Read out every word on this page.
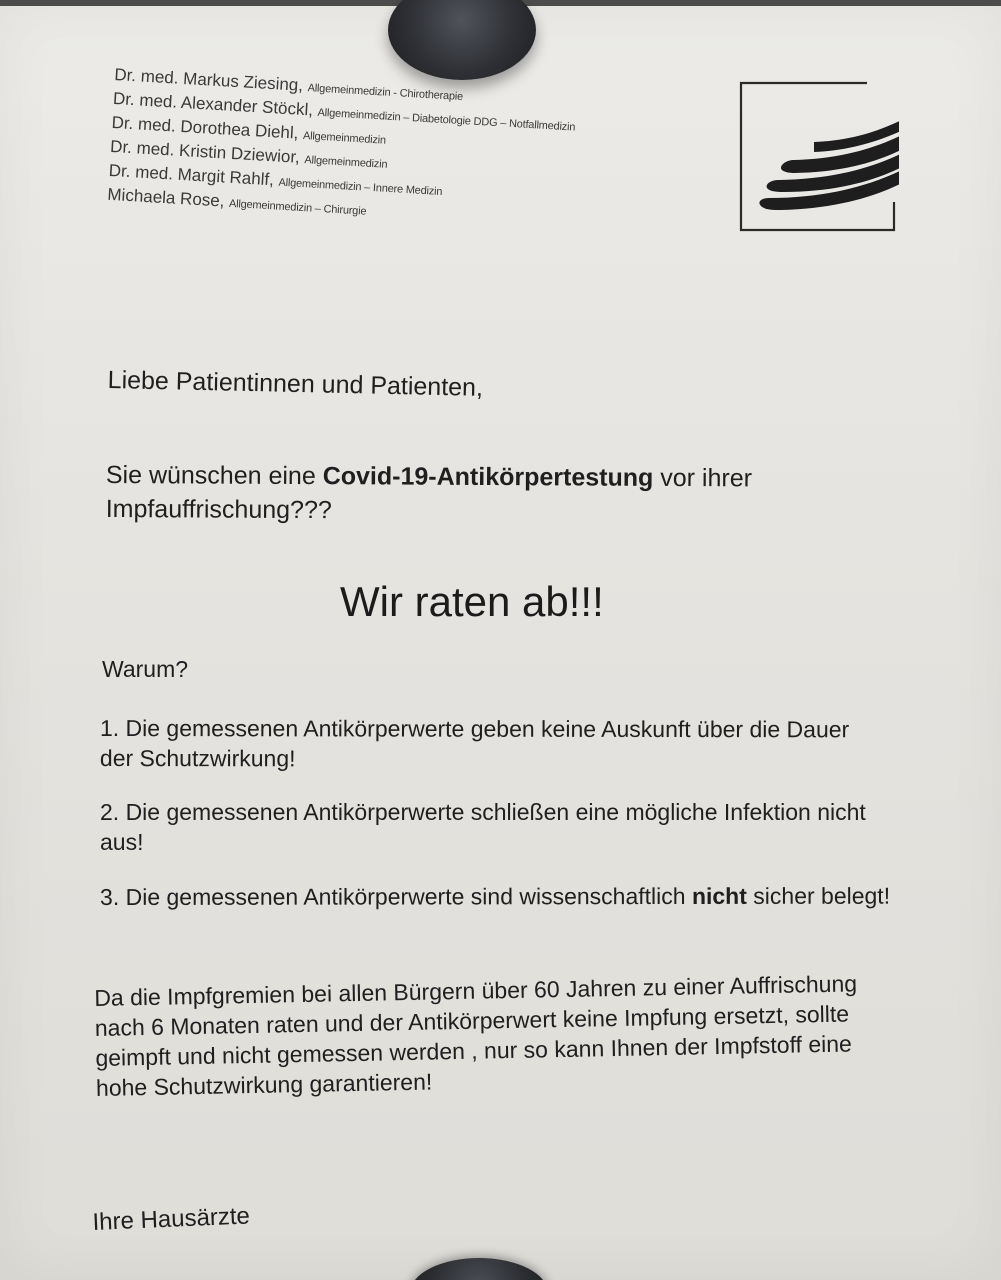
Dr. med. Markus Ziesing, Allgemeinmedizin - Chirotherapie
Dr. med. Alexander Stöckl, Allgemeinmedizin – Diabetologie DDG – Notfallmedizin
Dr. med. Dorothea Diehl, Allgemeinmedizin
Dr. med. Kristin Dziewior, Allgemeinmedizin
Dr. med. Margit Rahlf, Allgemeinmedizin – Innere Medizin
Michaela Rose, Allgemeinmedizin – Chirurgie
Liebe Patientinnen und Patienten,
Sie wünschen eine Covid-19-Antikörpertestung vor ihrer
Impfauffrischung???
Wir raten ab!!!
Warum?
1. Die gemessenen Antikörperwerte geben keine Auskunft über die Dauer
der Schutzwirkung!
2. Die gemessenen Antikörperwerte schließen eine mögliche Infektion nicht
aus!
3. Die gemessenen Antikörperwerte sind wissenschaftlich nicht sicher belegt!
Da die Impfgremien bei allen Bürgern über 60 Jahren zu einer Auffrischung
nach 6 Monaten raten und der Antikörperwert keine Impfung ersetzt, sollte
geimpft und nicht gemessen werden , nur so kann Ihnen der Impfstoff eine
hohe Schutzwirkung garantieren!
Ihre Hausärzte
